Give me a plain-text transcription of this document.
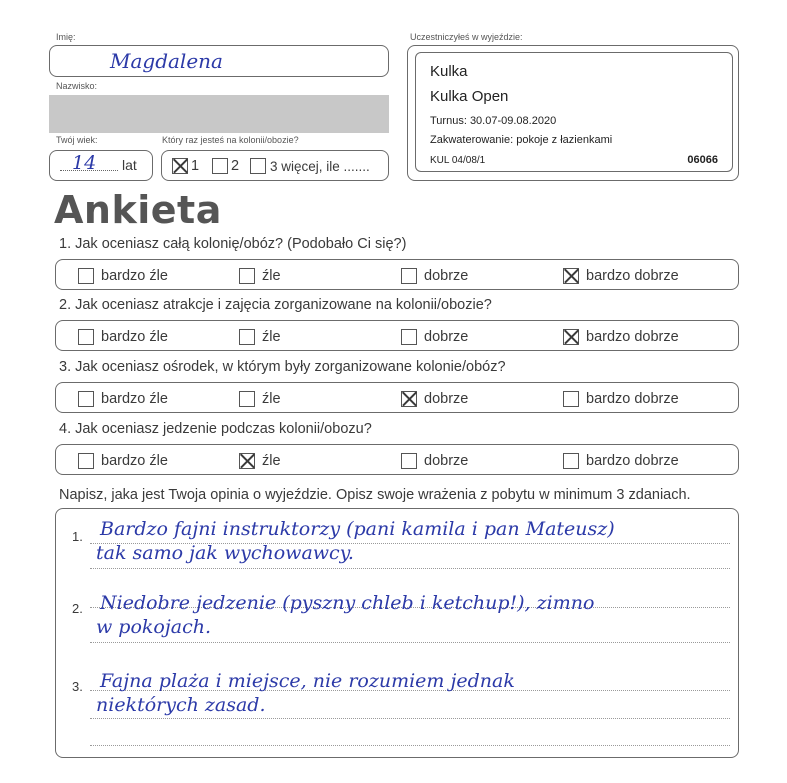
Imię:
Magdalena
Nazwisko:
Twój wiek:
14 lat
Który raz jesteś na kolonii/obozie?
1 2 3 więcej, ile .......
Uczestniczyłeś w wyjeździe:
Kulka
Kulka Open
Turnus: 30.07-09.08.2020
Zakwaterowanie: pokoje z łazienkami
KUL 04/08/1	06066
Ankieta
1. Jak oceniasz całą kolonię/obóz? (Podobało Ci się?)
bardzo źle	źle	dobrze	bardzo dobrze
2. Jak oceniasz atrakcje i zajęcia zorganizowane na kolonii/obozie?
bardzo źle	źle	dobrze	bardzo dobrze
3. Jak oceniasz ośrodek, w którym były zorganizowane kolonie/obóz?
bardzo źle	źle	dobrze	bardzo dobrze
4. Jak oceniasz jedzenie podczas kolonii/obozu?
bardzo źle	źle	dobrze	bardzo dobrze
Napisz, jaka jest Twoja opinia o wyjeździe. Opisz swoje wrażenia z pobytu w minimum 3 zdaniach.
1. Bardzo fajni instruktorzy (pani kamila i pan Mateusz)
tak samo jak wychowawcy.
2. Niedobre jedzenie (pyszny chleb i ketchup!), zimno
w pokojach.
3. Fajna plaża i miejsce, nie rozumiem jednak
niektórych zasad.
